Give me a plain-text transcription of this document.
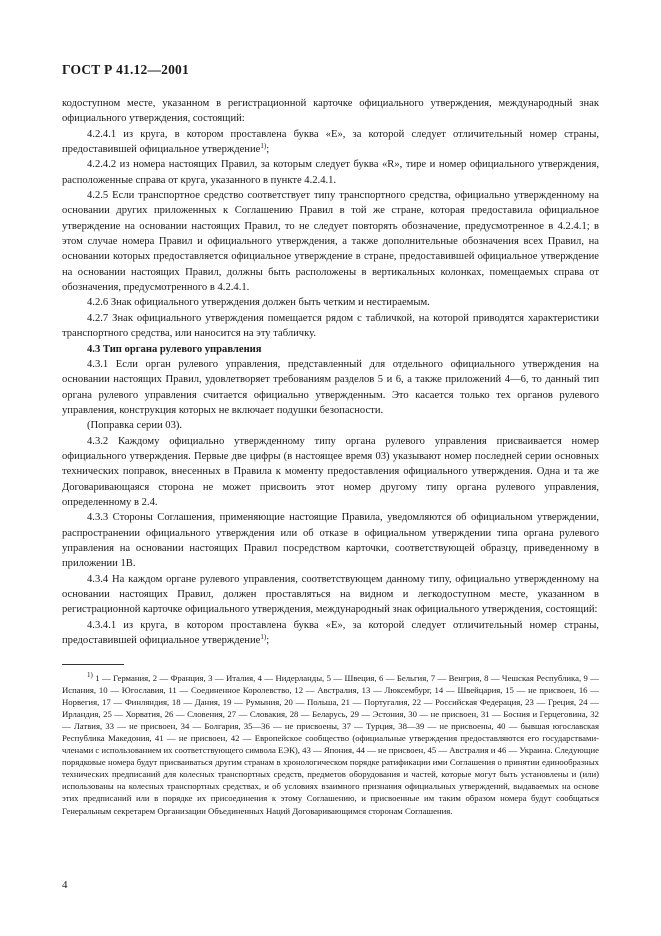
ГОСТ Р 41.12—2001

кодоступном месте, указанном в регистрационной карточке официального утверждения, международный знак официального утверждения, состоящий:

4.2.4.1 из круга, в котором проставлена буква «Е», за которой следует отличительный номер страны, предоставившей официальное утверждение$^{1)}$;

4.2.4.2 из номера настоящих Правил, за которым следует буква «R», тире и номер официального утверждения, расположенные справа от круга, указанного в пункте 4.2.4.1.

4.2.5 Если транспортное средство соответствует типу транспортного средства, официально утвержденному на основании других приложенных к Соглашению Правил в той же стране, которая предоставила официальное утверждение на основании настоящих Правил, то не следует повторять обозначение, предусмотренное в 4.2.4.1; в этом случае номера Правил и официального утверждения, а также дополнительные обозначения всех Правил, на основании которых предоставляется официальное утверждение в стране, предоставившей официальное утверждение на основании настоящих Правил, должны быть расположены в вертикальных колонках, помещаемых справа от обозначения, предусмотренного в 4.2.4.1.

4.2.6 Знак официального утверждения должен быть четким и нестираемым.

4.2.7 Знак официального утверждения помещается рядом с табличкой, на которой приводятся характеристики транспортного средства, или наносится на эту табличку.

4.3 Тип органа рулевого управления

4.3.1 Если орган рулевого управления, представленный для отдельного официального утверждения на основании настоящих Правил, удовлетворяет требованиям разделов 5 и 6, а также приложений 4—6, то данный тип органа рулевого управления считается официально утвержденным. Это касается только тех органов рулевого управления, конструкция которых не включает подушки безопасности.

(Поправка серии 03).

4.3.2 Каждому официально утвержденному типу органа рулевого управления присваивается номер официального утверждения. Первые две цифры (в настоящее время 03) указывают номер последней серии основных технических поправок, внесенных в Правила к моменту предоставления официального утверждения. Одна и та же Договаривающаяся сторона не может присвоить этот номер другому типу органа рулевого управления, определенному в 2.4.

4.3.3 Стороны Соглашения, применяющие настоящие Правила, уведомляются об официальном утверждении, распространении официального утверждения или об отказе в официальном утверждении типа органа рулевого управления на основании настоящих Правил посредством карточки, соответствующей образцу, приведенному в приложении 1В.

4.3.4 На каждом органе рулевого управления, соответствующем данному типу, официально утвержденному на основании настоящих Правил, должен проставляться на видном и легкодоступном месте, указанном в регистрационной карточке официального утверждения, международный знак официального утверждения, состоящий:

4.3.4.1 из круга, в котором проставлена буква «Е», за которой следует отличительный номер страны, предоставившей официальное утверждение$^{1)}$;

$^{1)}$ 1 — Германия, 2 — Франция, 3 — Италия, 4 — Нидерланды, 5 — Швеция, 6 — Бельгия, 7 — Венгрия, 8 — Чешская Республика, 9 — Испания, 10 — Югославия, 11 — Соединенное Королевство, 12 — Австралия, 13 — Люксембург, 14 — Швейцария, 15 — не присвоен, 16 — Норвегия, 17 — Финляндия, 18 — Дания, 19 — Румыния, 20 — Польша, 21 — Португалия, 22 — Российская Федерация, 23 — Греция, 24 — Ирландия, 25 — Хорватия, 26 — Словения, 27 — Словакия, 28 — Беларусь, 29 — Эстония, 30 — не присвоен, 31 — Босния и Герцеговина, 32 — Латвия, 33 — не присвоен, 34 — Болгария, 35—36 — не присвоены, 37 — Турция, 38—39 — не присвоены, 40 — бывшая югославская Республика Македония, 41 — не присвоен, 42 — Европейское сообщество (официальные утверждения предоставляются его государствами-членами с использованием их соответствующего символа ЕЭК), 43 — Япония, 44 — не присвоен, 45 — Австралия и 46 — Украина. Следующие порядковые номера будут присваиваться другим странам в хронологическом порядке ратификации ими Соглашения о принятии единообразных технических предписаний для колесных транспортных средств, предметов оборудования и частей, которые могут быть установлены и (или) использованы на колесных транспортных средствах, и об условиях взаимного признания официальных утверждений, выдаваемых на основе этих предписаний или в порядке их присоединения к этому Соглашению, и присвоенные им таким образом номера будут сообщаться Генеральным секретарем Организации Объединенных Наций Договаривающимся сторонам Соглашения.

4
